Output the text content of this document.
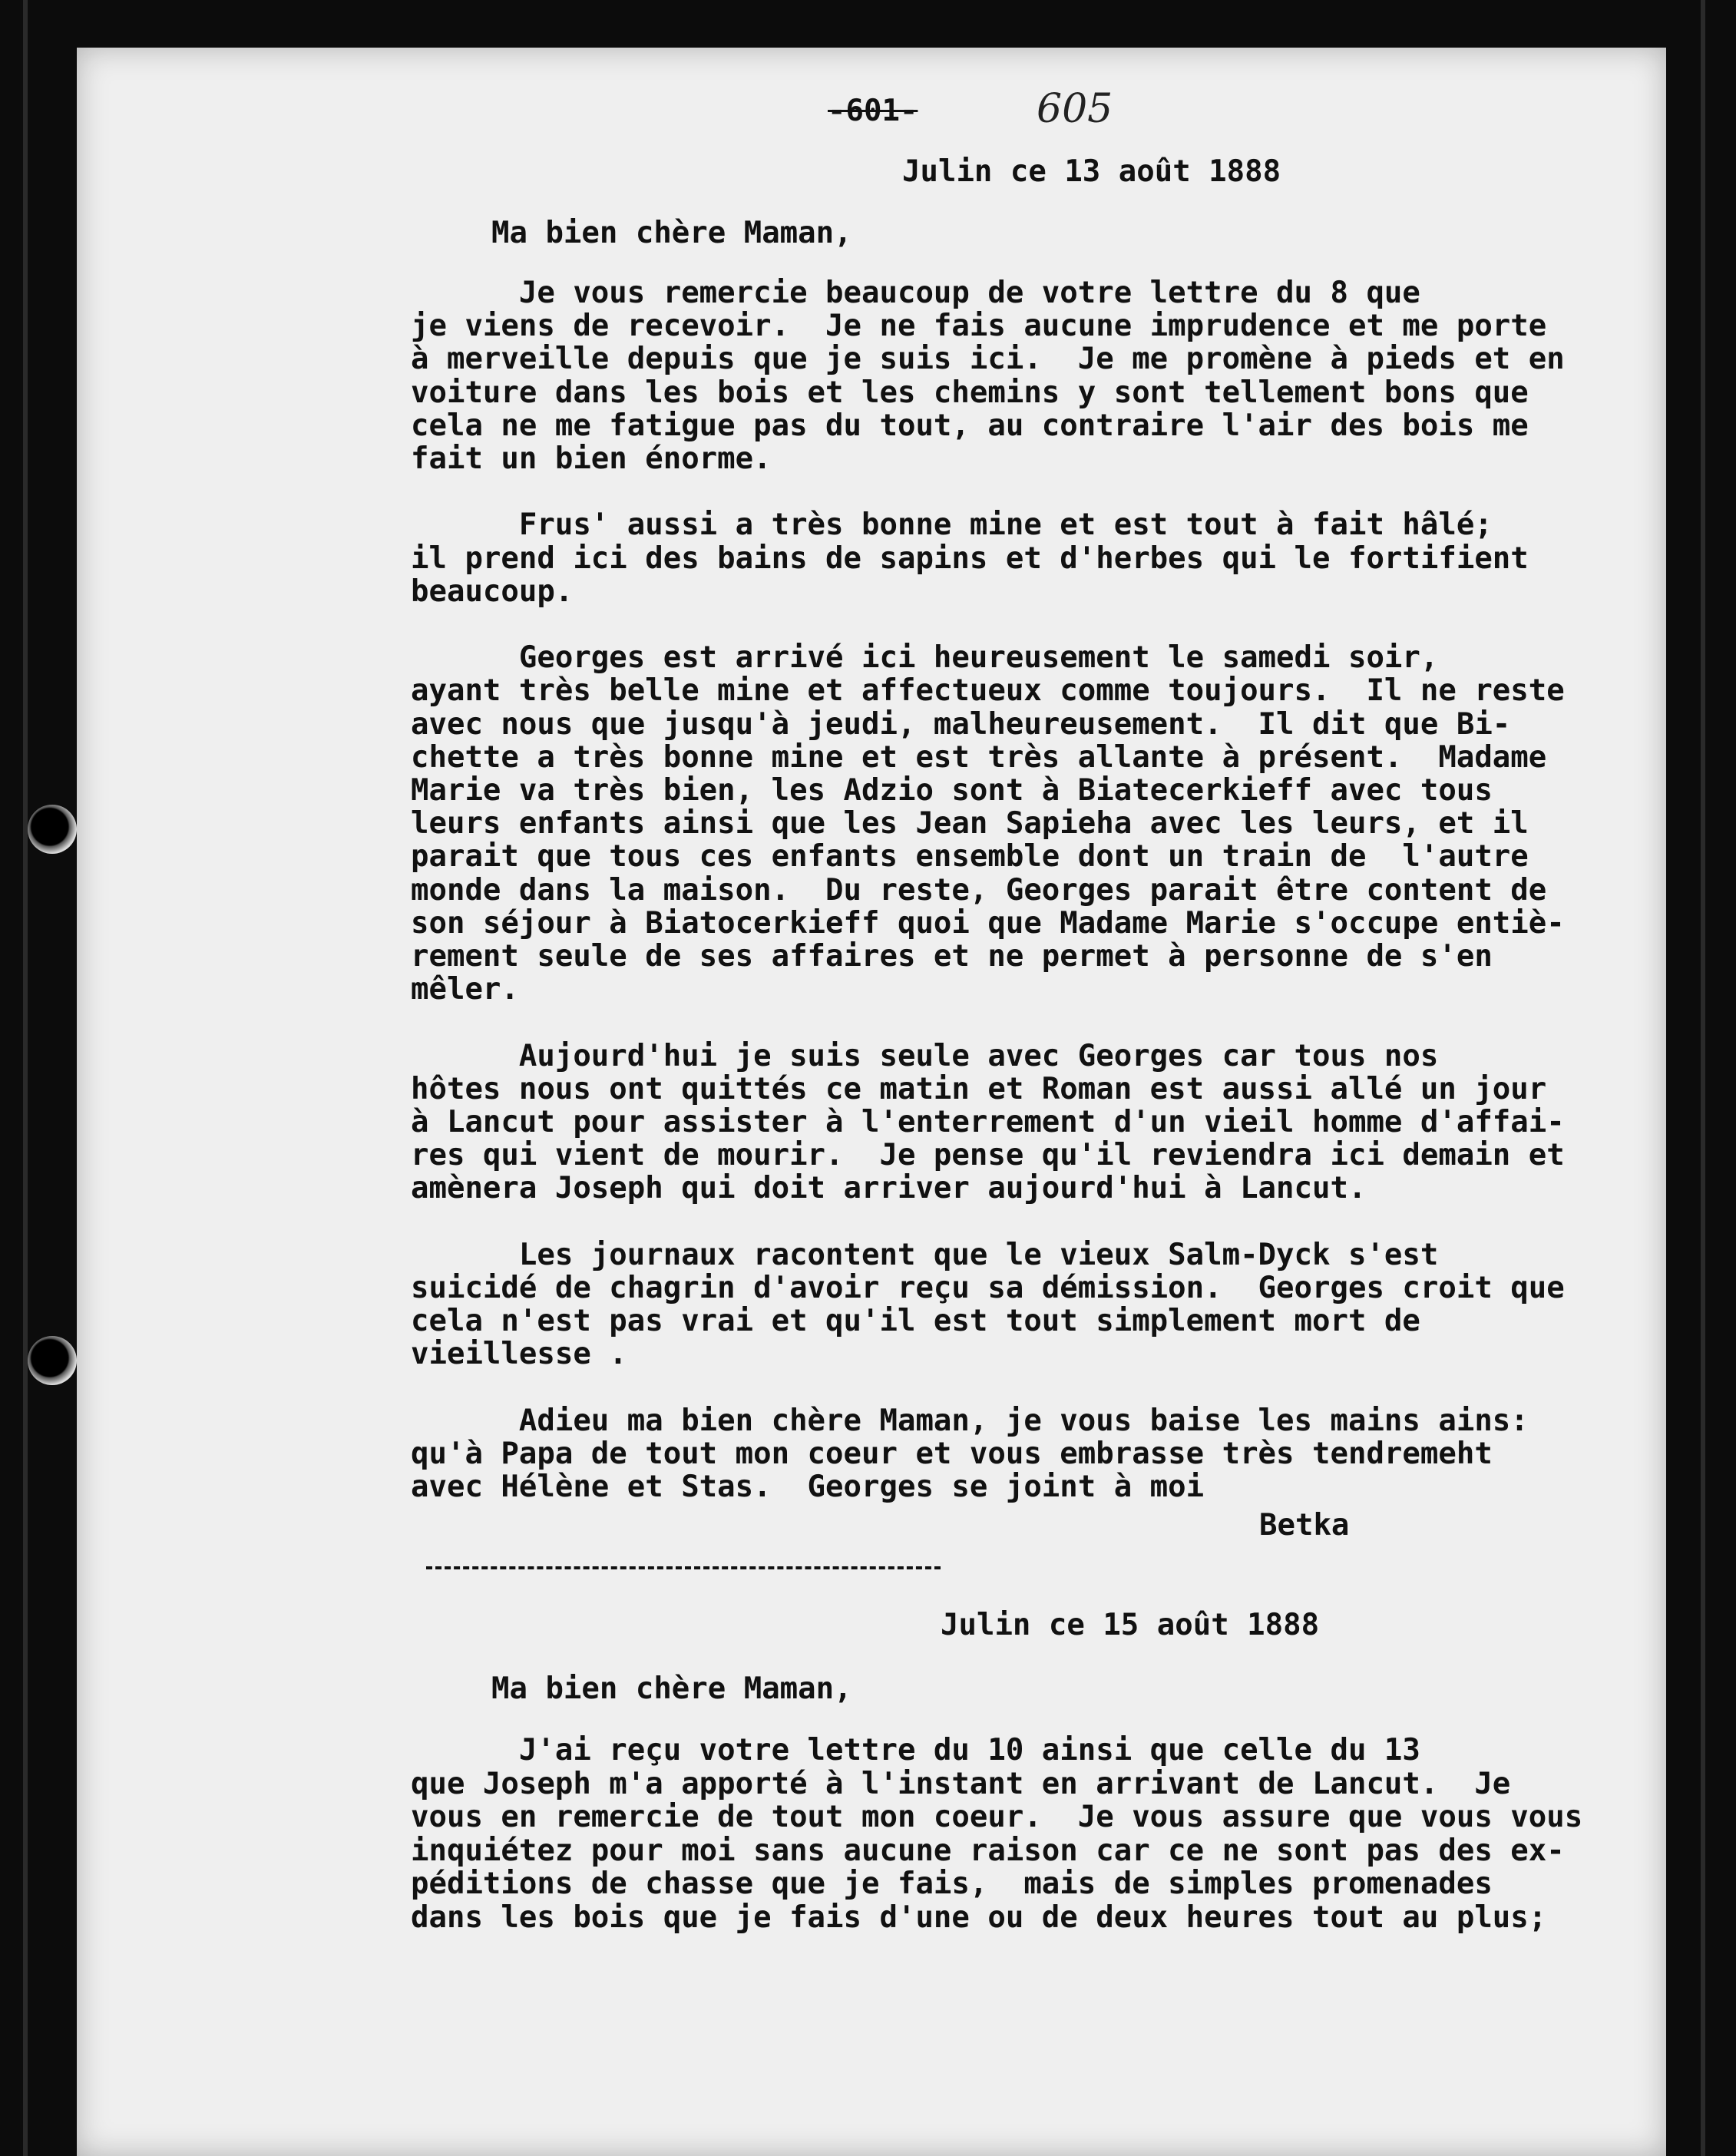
-601-	605
Julin ce 13 août 1888
Ma bien chère Maman,
Je vous remercie beaucoup de votre lettre du 8 que
je viens de recevoir.  Je ne fais aucune imprudence et me porte
à merveille depuis que je suis ici.  Je me promène à pieds et en
voiture dans les bois et les chemins y sont tellement bons que
cela ne me fatigue pas du tout, au contraire l'air des bois me
fait un bien énorme.
Frus' aussi a très bonne mine et est tout à fait hâlé;
il prend ici des bains de sapins et d'herbes qui le fortifient
beaucoup.
Georges est arrivé ici heureusement le samedi soir,
ayant très belle mine et affectueux comme toujours.  Il ne reste
avec nous que jusqu'à jeudi, malheureusement.  Il dit que Bi-
chette a très bonne mine et est très allante à présent.  Madame
Marie va très bien, les Adzio sont à Biatecerkieff avec tous
leurs enfants ainsi que les Jean Sapieha avec les leurs, et il
parait que tous ces enfants ensemble dont un train de  l'autre
monde dans la maison.  Du reste, Georges parait être content de
son séjour à Biatocerkieff quoi que Madame Marie s'occupe entiè-
rement seule de ses affaires et ne permet à personne de s'en
mêler.
Aujourd'hui je suis seule avec Georges car tous nos
hôtes nous ont quittés ce matin et Roman est aussi allé un jour
à Lancut pour assister à l'enterrement d'un vieil homme d'affai-
res qui vient de mourir.  Je pense qu'il reviendra ici demain et
amènera Joseph qui doit arriver aujourd'hui à Lancut.
Les journaux racontent que le vieux Salm-Dyck s'est
suicidé de chagrin d'avoir reçu sa démission.  Georges croit que
cela n'est pas vrai et qu'il est tout simplement mort de
vieillesse .
Adieu ma bien chère Maman, je vous baise les mains ains:
qu'à Papa de tout mon coeur et vous embrasse très tendremeht
avec Hélène et Stas.  Georges se joint à moi
Betka
Julin ce 15 août 1888
Ma bien chère Maman,
J'ai reçu votre lettre du 10 ainsi que celle du 13
que Joseph m'a apporté à l'instant en arrivant de Lancut.  Je
vous en remercie de tout mon coeur.  Je vous assure que vous vous
inquiétez pour moi sans aucune raison car ce ne sont pas des ex-
péditions de chasse que je fais,  mais de simples promenades
dans les bois que je fais d'une ou de deux heures tout au plus;
